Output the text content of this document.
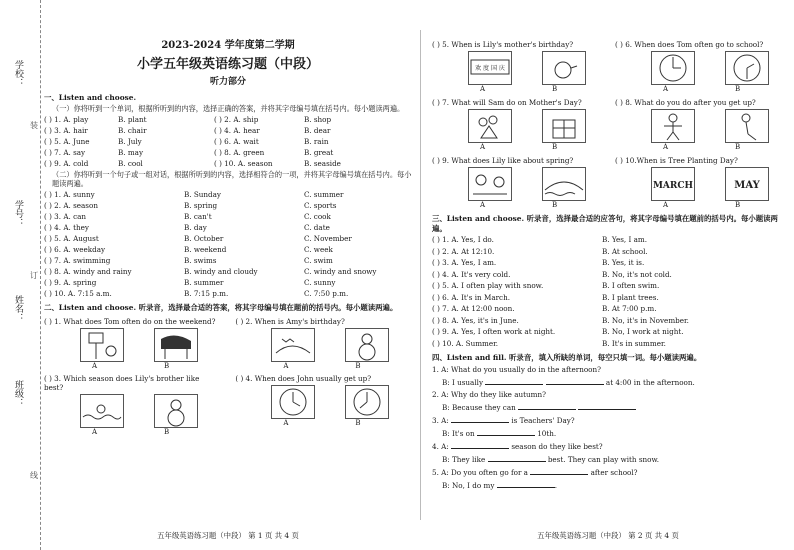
班级：
姓名：
学号：
学校：
装
订
线
2023-2024 学年度第二学期
小学五年级英语练习题（中段）
听力部分
一、Listen and choose.
（一）你将听到一个单词，根据所听到的内容，选择正确的答案，并将其字母编号填在括号内。每小题读两遍。
( ) 1. A. play	B. plant	( ) 2. A. ship	B. shop
( ) 3. A. hair	B. chair	( ) 4. A. hear	B. dear
( ) 5. A. June	B. July	( ) 6. A. wait	B. rain
( ) 7. A. say	B. may	( ) 8. A. green	B. great
( ) 9. A. cold	B. cool	( ) 10. A. season	B. seaside
（二）你将听到一个句子或一组对话，根据所听到的内容，选择相符合的一项，并将其字母编号填在括号内。每小题读两遍。
( ) 1. A. sunny	B. Sunday	C. summer
( ) 2. A. season	B. spring	C. sports
( ) 3. A. can	B. can't	C. cook
( ) 4. A. they	B. day	C. date
( ) 5. A. August	B. October	C. November
( ) 6. A. weekday	B. weekend	C. week
( ) 7. A. swimming	B. swims	C. swim
( ) 8. A. windy and rainy	B. windy and cloudy	C. windy and snowy
( ) 9. A. spring	B. summer	C. sunny
( ) 10. A. 7:15 a.m.	B. 7:15 p.m.	C. 7:50 p.m.
二、Listen and choose. 听录音，选择最合适的答案，将其字母编号填在题前的括号内。每小题读两遍。
( ) 1. What does Tom often do on the weekend?
A	B
( ) 2. When is Amy's birthday?
A	B
( ) 3. Which season does Lily's brother like best?
A	B
( ) 4. When does John usually get up?
A	B
五年级英语练习题（中段） 第 1 页 共 4 页
( ) 5. When is Lily's mother's birthday?
欢 度 国 庆
A	B
( ) 6. When does Tom often go to school?
A	B
( ) 7. What will Sam do on Mother's Day?
A	B
( ) 8. What do you do after you get up?
A	B
( ) 9. What does Lily like about spring?
A	B
( ) 10.When is Tree Planting Day?
MARCH	MAY
A	B
三、Listen and choose. 听录音，选择最合适的应答句，将其字母编号填在题前的括号内。每小题读两遍。
( ) 1. A. Yes, I do.	B. Yes, I am.
( ) 2. A. At 12:10.	B. At school.
( ) 3. A. Yes, I am.	B. Yes, it is.
( ) 4. A. It's very cold.	B. No, it's not cold.
( ) 5. A. I often play with snow.	B. I often swim.
( ) 6. A. It's in March.	B. I plant trees.
( ) 7. A. At 12:00 noon.	B. At 7:00 p.m.
( ) 8. A. Yes, it's in June.	B. No, it's in November.
( ) 9. A. Yes, I often work at night.	B. No, I work at night.
( ) 10. A. Summer.	B. It's in summer.
四、Listen and fill. 听录音，填入所缺的单词，每空只填一词。每小题读两遍。
1. A: What do you usually do in the afternoon?
B: I usually	at 4:00 in the afternoon.
2. A: Why do they like autumn?
B: Because they can
3. A:	is Teachers' Day?
B: It's on	10th.
4. A:	season do they like best?
B: They like	best. They can play with snow.
5. A: Do you often go for a	after school?
B: No, I do my	.
五年级英语练习题（中段） 第 2 页 共 4 页
